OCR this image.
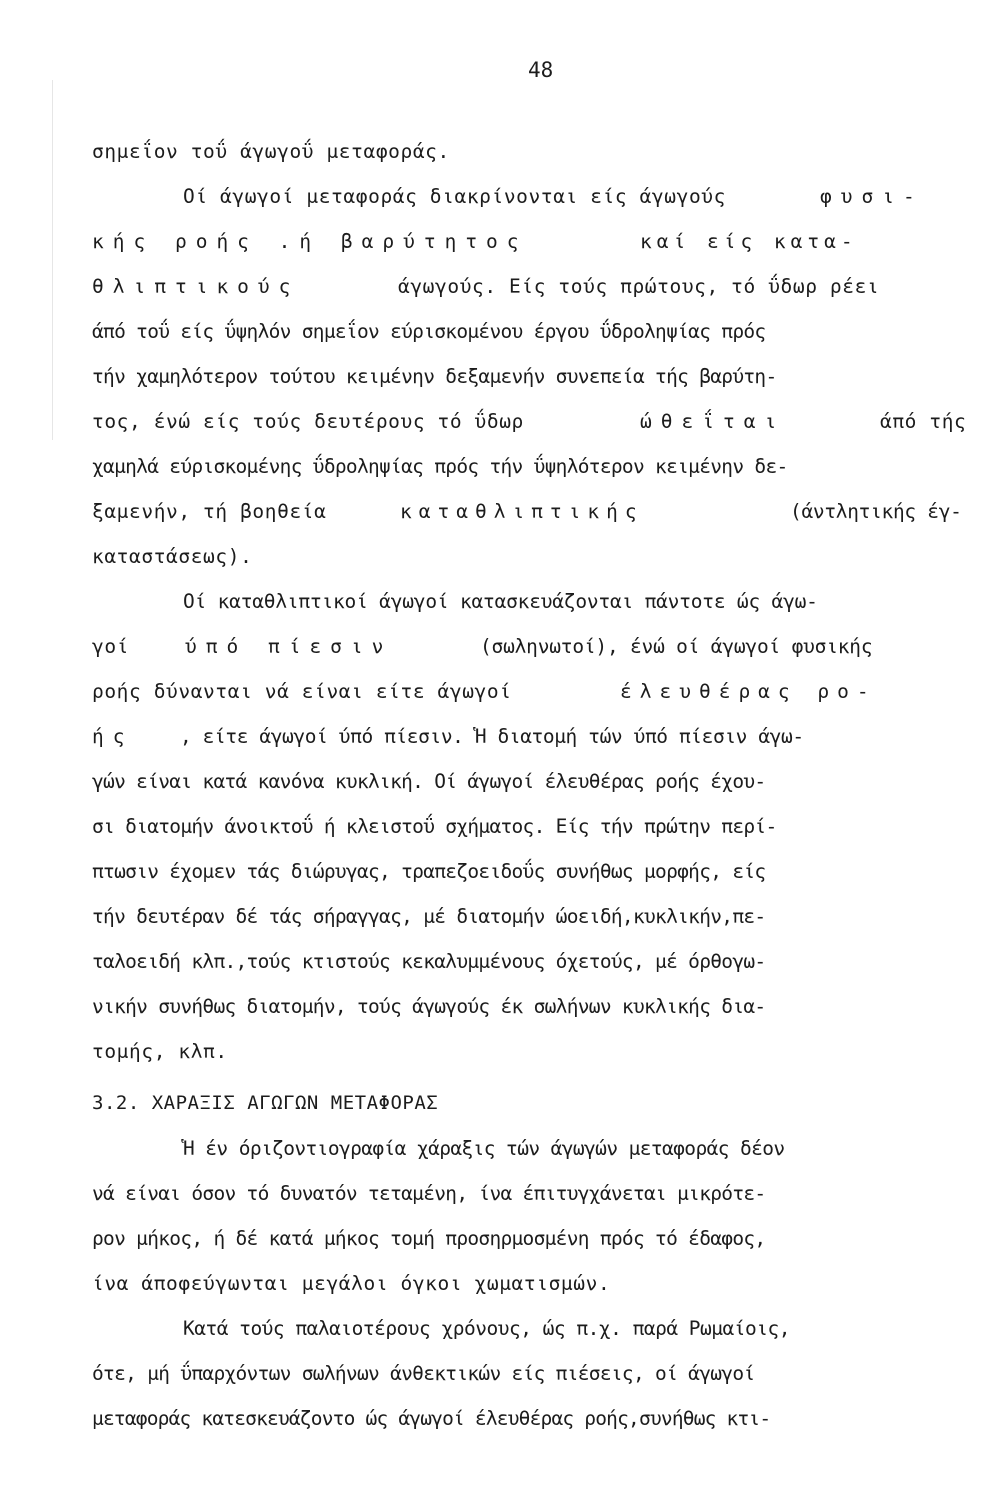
48
σημεΐον τοΰ άγωγοΰ μεταφοράς.
Οί άγωγοί μεταφοράς διακρίνονται είς άγωγούς	φυσι-
κής ροής .ή βαρύτητος	καί είς κατα-
θλιπτικούς	άγωγούς. Είς τούς πρώτους, τό ΰδωρ ρέει
άπό τοΰ είς ΰψηλόν σημεΐον εύρισκομένου έργου ΰδροληψίας πρός
τήν χαμηλότερον τούτου κειμένην δεξαμενήν συνεπεία τής βαρύτη-
τος, ένώ είς τούς δευτέρους τό ΰδωρ	ώθεΐται	άπό τής
χαμηλά εύρισκομένης ΰδροληψίας πρός τήν ΰψηλότερον κειμένην δε-
ξαμενήν, τή βοηθεία	καταθλιπτικής	(άντλητικής έγ-
καταστάσεως).
Οί καταθλιπτικοί άγωγοί κατασκευάζονται πάντοτε ώς άγω-
γοί	ύπό πίεσιν	(σωληνωτοί), ένώ οί άγωγοί φυσικής
ροής δύνανται νά είναι είτε άγωγοί	έλευθέρας ρο-
ής , είτε άγωγοί ύπό πίεσιν. Ἡ διατομή τών ύπό πίεσιν άγω-
γών είναι κατά κανόνα κυκλική. Οί άγωγοί έλευθέρας ροής έχου-
σι διατομήν άνοικτοΰ ή κλειστοΰ σχήματος. Είς τήν πρώτην περί-
πτωσιν έχομεν τάς διώρυγας, τραπεζοειδοΰς συνήθως μορφής, είς
τήν δευτέραν δέ τάς σήραγγας, μέ διατομήν ώοειδή,κυκλικήν,πε-
ταλοειδή κλπ.,τούς κτιστούς κεκαλυμμένους όχετούς, μέ όρθογω-
νικήν συνήθως διατομήν, τούς άγωγούς έκ σωλήνων κυκλικής δια-
τομής, κλπ.
3.2. ΧΑΡΑΞΙΣ ΑΓΩΓΩΝ ΜΕΤΑΦΟΡΑΣ
Ἡ έν όριζοντιογραφία χάραξις τών άγωγών μεταφοράς δέον
νά είναι όσον τό δυνατόν τεταμένη, ίνα έπιτυγχάνεται μικρότε-
ρον μήκος, ή δέ κατά μήκος τομή προσηρμοσμένη πρός τό έδαφος,
ίνα άποφεύγωνται μεγάλοι όγκοι χωματισμών.
Κατά τούς παλαιοτέρους χρόνους, ώς π.χ. παρά Ρωμαίοις,
ότε, μή ΰπαρχόντων σωλήνων άνθεκτικών είς πιέσεις, οί άγωγοί
μεταφοράς κατεσκευάζοντο ώς άγωγοί έλευθέρας ροής,συνήθως κτι-
